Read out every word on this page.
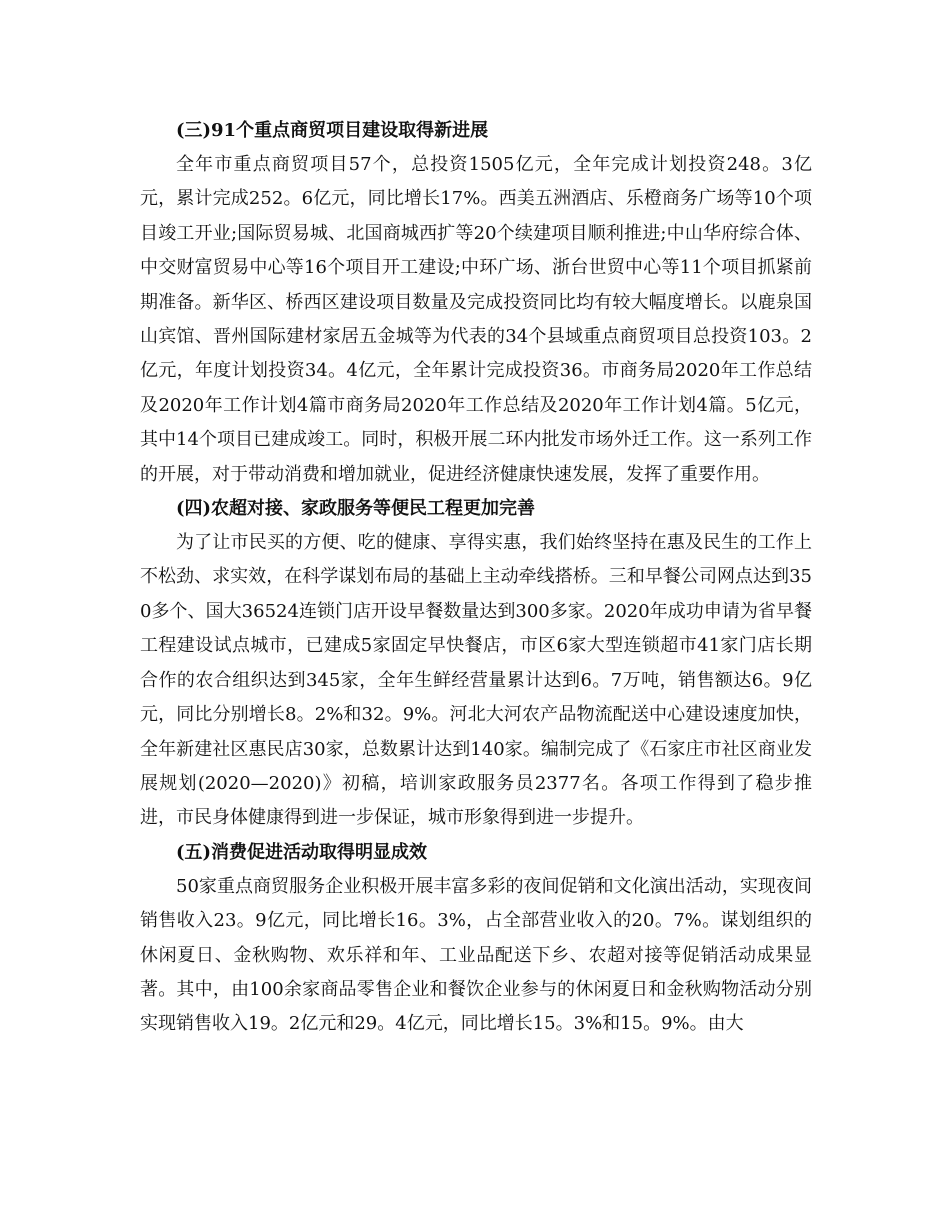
(三)91个重点商贸项目建设取得新进展

全年市重点商贸项目57个，总投资1505亿元，全年完成计划投资248。3亿元，累计完成252。6亿元，同比增长17%。西美五洲酒店、乐橙商务广场等10个项目竣工开业;国际贸易城、北国商城西扩等20个续建项目顺利推进;中山华府综合体、中交财富贸易中心等16个项目开工建设;中环广场、浙台世贸中心等11个项目抓紧前期准备。新华区、桥西区建设项目数量及完成投资同比均有较大幅度增长。以鹿泉国山宾馆、晋州国际建材家居五金城等为代表的34个县域重点商贸项目总投资103。2亿元，年度计划投资34。4亿元，全年累计完成投资36。市商务局2020年工作总结及2020年工作计划4篇市商务局2020年工作总结及2020年工作计划4篇。5亿元，其中14个项目已建成竣工。同时，积极开展二环内批发市场外迁工作。这一系列工作的开展，对于带动消费和增加就业，促进经济健康快速发展，发挥了重要作用。

(四)农超对接、家政服务等便民工程更加完善

为了让市民买的方便、吃的健康、享得实惠，我们始终坚持在惠及民生的工作上不松劲、求实效，在科学谋划布局的基础上主动牵线搭桥。三和早餐公司网点达到350多个、国大36524连锁门店开设早餐数量达到300多家。2020年成功申请为省早餐工程建设试点城市，已建成5家固定早快餐店，市区6家大型连锁超市41家门店长期合作的农合组织达到345家，全年生鲜经营量累计达到6。7万吨，销售额达6。9亿元，同比分别增长8。2%和32。9%。河北大河农产品物流配送中心建设速度加快，全年新建社区惠民店30家，总数累计达到140家。编制完成了《石家庄市社区商业发展规划(2020—2020)》初稿，培训家政服务员2377名。各项工作得到了稳步推进，市民身体健康得到进一步保证，城市形象得到进一步提升。

(五)消费促进活动取得明显成效

50家重点商贸服务企业积极开展丰富多彩的夜间促销和文化演出活动，实现夜间销售收入23。9亿元，同比增长16。3%，占全部营业收入的20。7%。谋划组织的休闲夏日、金秋购物、欢乐祥和年、工业品配送下乡、农超对接等促销活动成果显著。其中，由100余家商品零售企业和餐饮企业参与的休闲夏日和金秋购物活动分别实现销售收入19。2亿元和29。4亿元，同比增长15。3%和15。9%。由大
